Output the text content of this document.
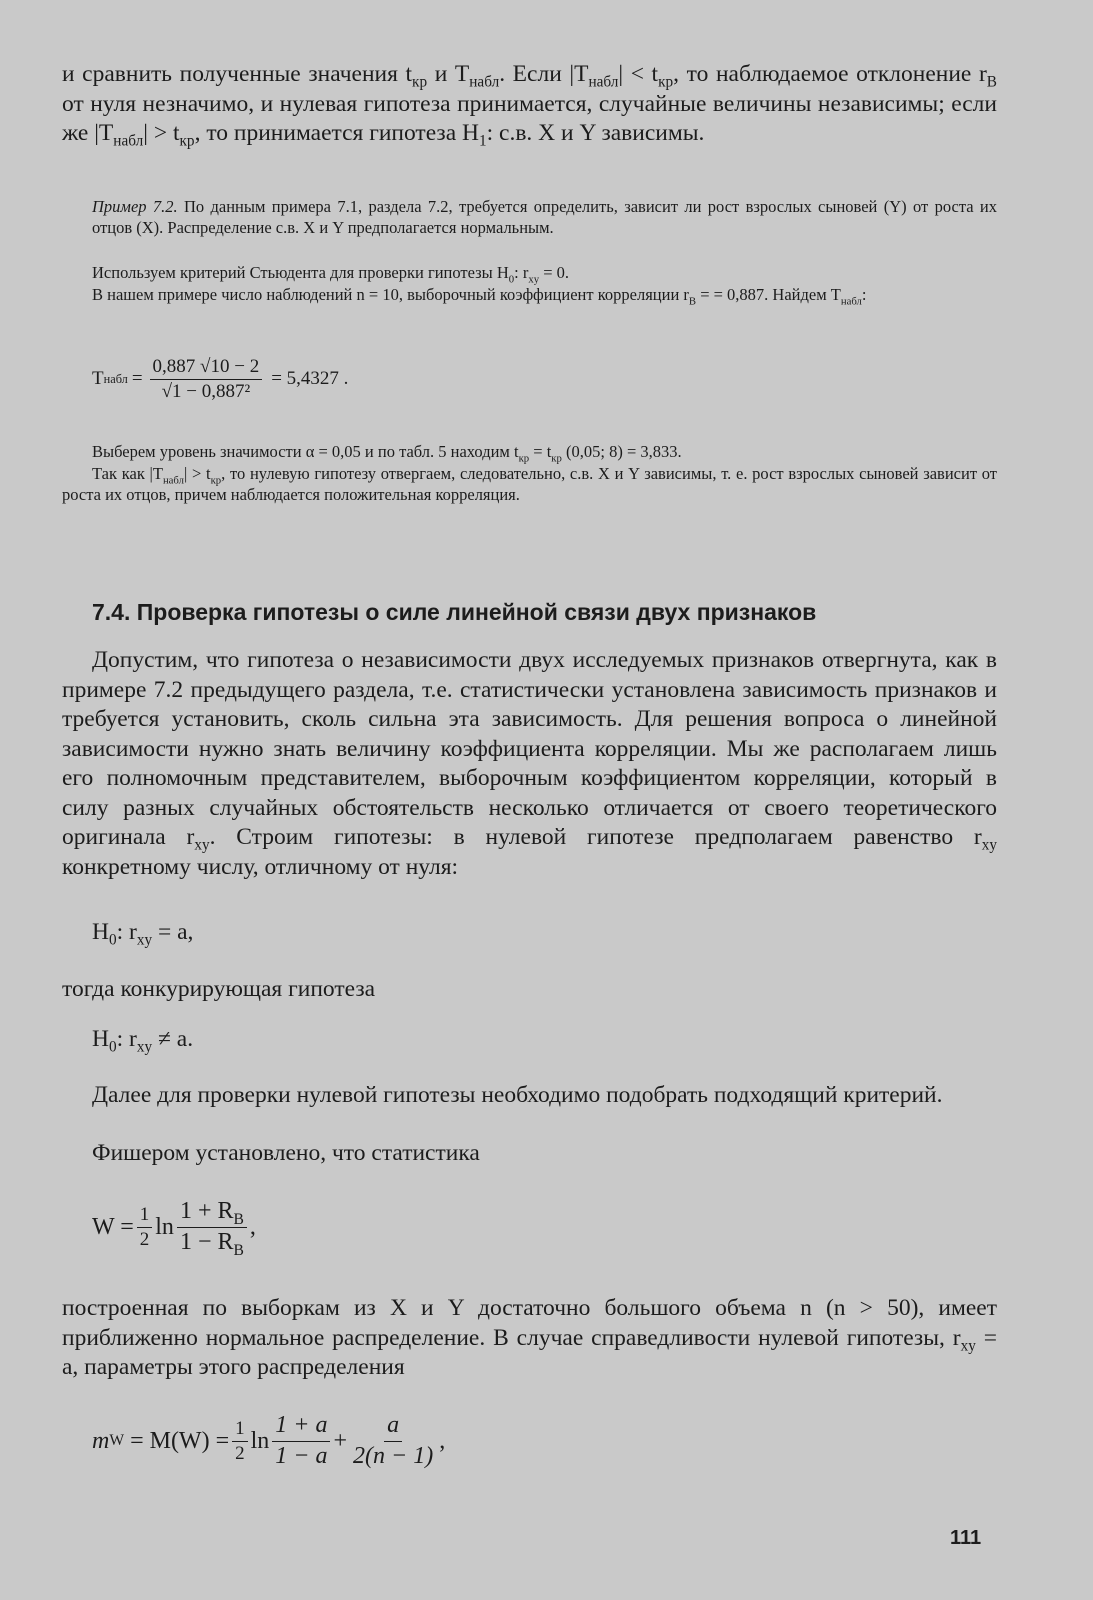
и сравнить полученные значения $t_{кр}$ и $T_{набл}$. Если $|T_{набл}| < t_{кр}$, то наблюдаемое отклонение $r_В$ от нуля незначимо, и нулевая гипотеза принимается, случайные величины независимы; если же $|T_{набл}| > t_{кр}$, то принимается гипотеза $H_1$: с.в. X и Y зависимы.
Пример 7.2. По данным примера 7.1, раздела 7.2, требуется определить, зависит ли рост взрослых сыновей (Y) от роста их отцов (X). Распределение с.в. X и Y предполагается нормальным.
Используем критерий Стьюдента для проверки гипотезы $H_0$: $r_{xy} = 0$.
В нашем примере число наблюдений n = 10, выборочный коэффициент корреляции $r_В$ = = 0,887. Найдем $T_{набл}$:
T набл = $\frac{0,887 √10 - 2}{\text{√1 − 0,887²}} = 5,4327$ .
Выберем уровень значимости α = 0,05 и по табл. 5 находим $t_{кр} = t_{кр}$ (0,05; 8) = 3,833.
Так как $|T_{набл}| > t_{кр}$, то нулевую гипотезу отвергаем, следовательно, с.в. X и Y зависимы, т. е. рост взрослых сыновей зависит от роста их отцов, причем наблюдается положительная корреляция.
7.4. Проверка гипотезы о силе линейной связи двух признаков
Допустим, что гипотеза о независимости двух исследуемых признаков отвергнута, как в примере 7.2 предыдущего раздела, т.е. статистически установлена зависимость признаков и требуется установить, сколь сильна эта зависимость. Для решения вопроса о линейной зависимости нужно знать величину коэффициента корреляции. Мы же располагаем лишь его полномочным представителем, выборочным коэффициентом корреляции, который в силу разных случайных обстоятельств несколько отличается от своего теоретического оригинала $r_{xy}$. Строим гипотезы: в нулевой гипотезе предполагаем равенство $r_{xy}$ конкретному числу, отличному от нуля:
$H_0$: $r_{xy} = a$,
тогда конкурирующая гипотеза
$H_0$: $r_{xy} \ne a$.
Далее для проверки нулевой гипотезы необходимо подобрать подходящий критерий.
Фишером установлено, что статистика
$W = \frac{1}{2}$ $\ln \frac{1 + R_В}{1 - R_В}$ ,
построенная по выборкам из X и Y достаточно большого объема n (n > 50), имеет приближенно нормальное распределение. В случае справедливости нулевой гипотезы, $r_{xy} = a$, параметры этого распределения
m $W = M(W) = \frac{1}{2}$ $\ln \frac{1 + a}{1 - a} + \frac{a}{2(n - 1)}$ ,
111
